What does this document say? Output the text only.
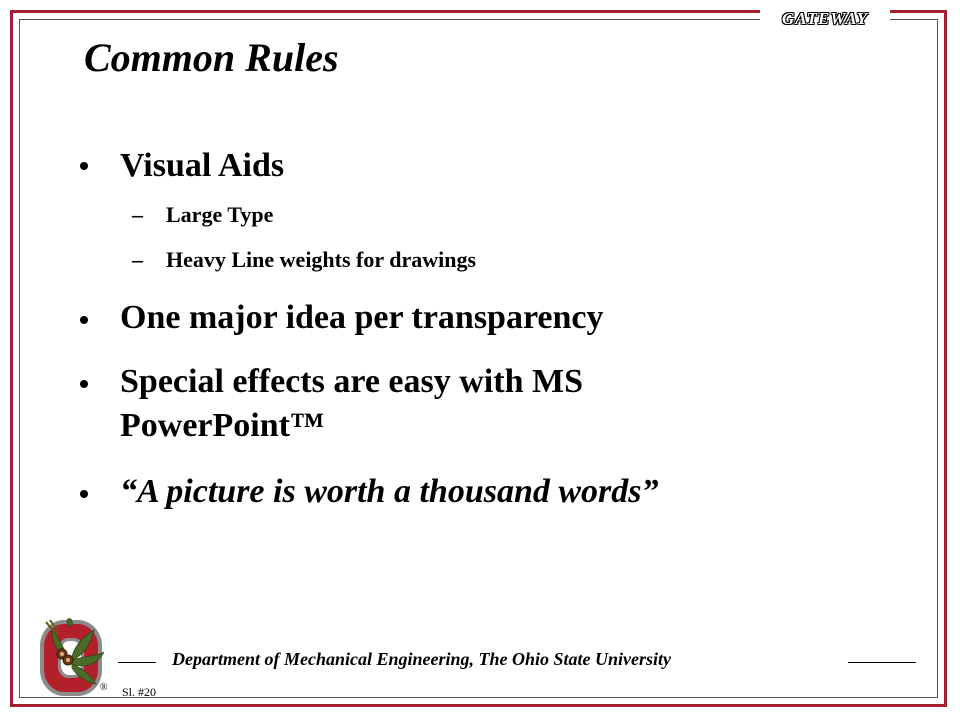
GATEWAY
Common Rules
Visual Aids
–	Large Type
–	Heavy Line weights for drawings
One major idea per transparency
Special effects are easy with MS
PowerPoint™
“A picture is worth a thousand words”
®
Department of Mechanical Engineering, The Ohio State University
Sl. #20
